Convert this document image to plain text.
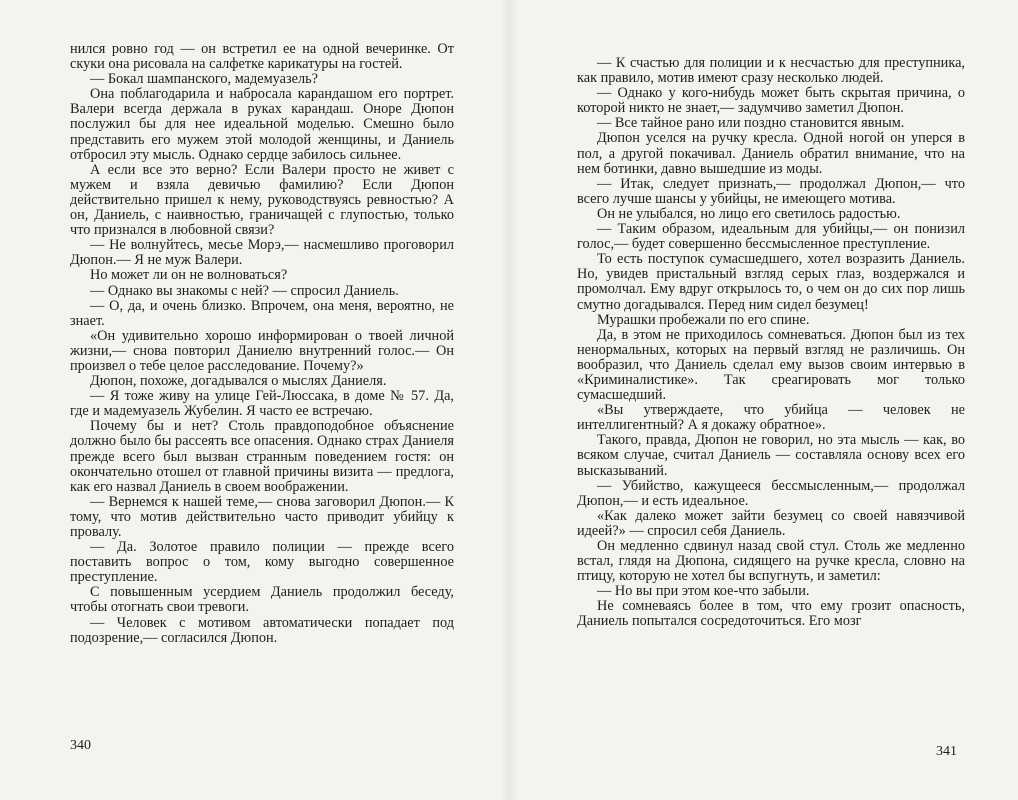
нился ровно год — он встретил ее на одной вечеринке. От скуки она рисовала на салфетке карикатуры на гостей.

— Бокал шампанского, мадемуазель?

Она поблагодарила и набросала карандашом его портрет. Валери всегда держала в руках карандаш. Оноре Дюпон послужил бы для нее идеальной моделью. Смешно было представить его мужем этой молодой женщины, и Даниель отбросил эту мысль. Однако сердце забилось сильнее.

А если все это верно? Если Валери просто не живет с мужем и взяла девичью фамилию? Если Дюпон действительно пришел к нему, руководствуясь ревностью? А он, Даниель, с наивностью, граничащей с глупостью, только что признался в любовной связи?

— Не волнуйтесь, месье Морэ,— насмешливо проговорил Дюпон.— Я не муж Валери.

Но может ли он не волноваться?

— Однако вы знакомы с ней? — спросил Даниель.

— О, да, и очень близко. Впрочем, она меня, вероятно, не знает.

«Он удивительно хорошо информирован о твоей личной жизни,— снова повторил Даниелю внутренний голос.— Он произвел о тебе целое расследование. Почему?»

Дюпон, похоже, догадывался о мыслях Даниеля.

— Я тоже живу на улице Гей-Люссака, в доме № 57. Да, где и мадемуазель Жубелин. Я часто ее встречаю.

Почему бы и нет? Столь правдоподобное объяснение должно было бы рассеять все опасения. Однако страх Даниеля прежде всего был вызван странным поведением гостя: он окончательно отошел от главной причины визита — предлога, как его назвал Даниель в своем воображении.

— Вернемся к нашей теме,— снова заговорил Дюпон.— К тому, что мотив действительно часто приводит убийцу к провалу.

— Да. Золотое правило полиции — прежде всего поставить вопрос о том, кому выгодно совершенное преступление.

С повышенным усердием Даниель продолжил беседу, чтобы отогнать свои тревоги.

— Человек с мотивом автоматически попадает под подозрение,— согласился Дюпон.

340

— К счастью для полиции и к несчастью для преступника, как правило, мотив имеют сразу несколько людей.

— Однако у кого-нибудь может быть скрытая причина, о которой никто не знает,— задумчиво заметил Дюпон.

— Все тайное рано или поздно становится явным.

Дюпон уселся на ручку кресла. Одной ногой он уперся в пол, а другой покачивал. Даниель обратил внимание, что на нем ботинки, давно вышедшие из моды.

— Итак, следует признать,— продолжал Дюпон,— что всего лучше шансы у убийцы, не имеющего мотива.

Он не улыбался, но лицо его светилось радостью.

— Таким образом, идеальным для убийцы,— он понизил голос,— будет совершенно бессмысленное преступление.

То есть поступок сумасшедшего, хотел возразить Даниель. Но, увидев пристальный взгляд серых глаз, воздержался и промолчал. Ему вдруг открылось то, о чем он до сих пор лишь смутно догадывался. Перед ним сидел безумец!

Мурашки пробежали по его спине.

Да, в этом не приходилось сомневаться. Дюпон был из тех ненормальных, которых на первый взгляд не различишь. Он вообразил, что Даниель сделал ему вызов своим интервью в «Криминалистике». Так среагировать мог только сумасшедший.

«Вы утверждаете, что убийца — человек не интеллигентный? А я докажу обратное».

Такого, правда, Дюпон не говорил, но эта мысль — как, во всяком случае, считал Даниель — составляла основу всех его высказываний.

— Убийство, кажущееся бессмысленным,— продолжал Дюпон,— и есть идеальное.

«Как далеко может зайти безумец со своей навязчивой идеей?» — спросил себя Даниель.

Он медленно сдвинул назад свой стул. Столь же медленно встал, глядя на Дюпона, сидящего на ручке кресла, словно на птицу, которую не хотел бы вспугнуть, и заметил:

— Но вы при этом кое-что забыли.

Не сомневаясь более в том, что ему грозит опасность, Даниель попытался сосредоточиться. Его мозг

341
